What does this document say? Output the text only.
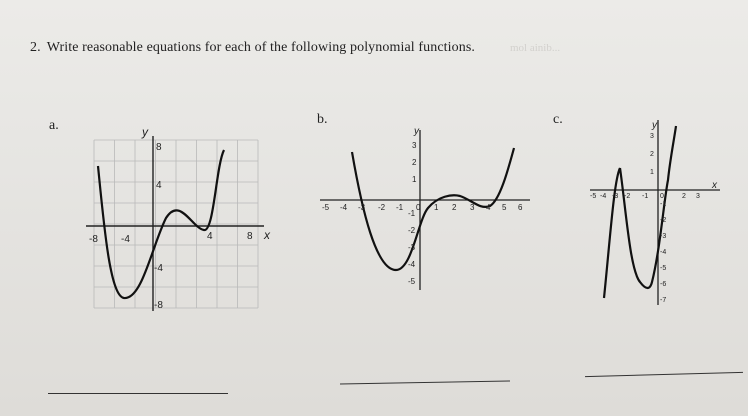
mol ainib...
2. Write reasonable equations for each of the following polynomial functions.
a.	b.	c.
y
x
-8 -4	4	8
8
4
-4
-8
y
-5 -4 -3 -2 -1 0 1 2 3 4 5 6
3
2
1
-1
-2
-3
-4
-5
y
x
-5 -4 -3 -2 -1 0	2 3
3
2
1
-1
-2
-3
-4
-5
-6
-7
